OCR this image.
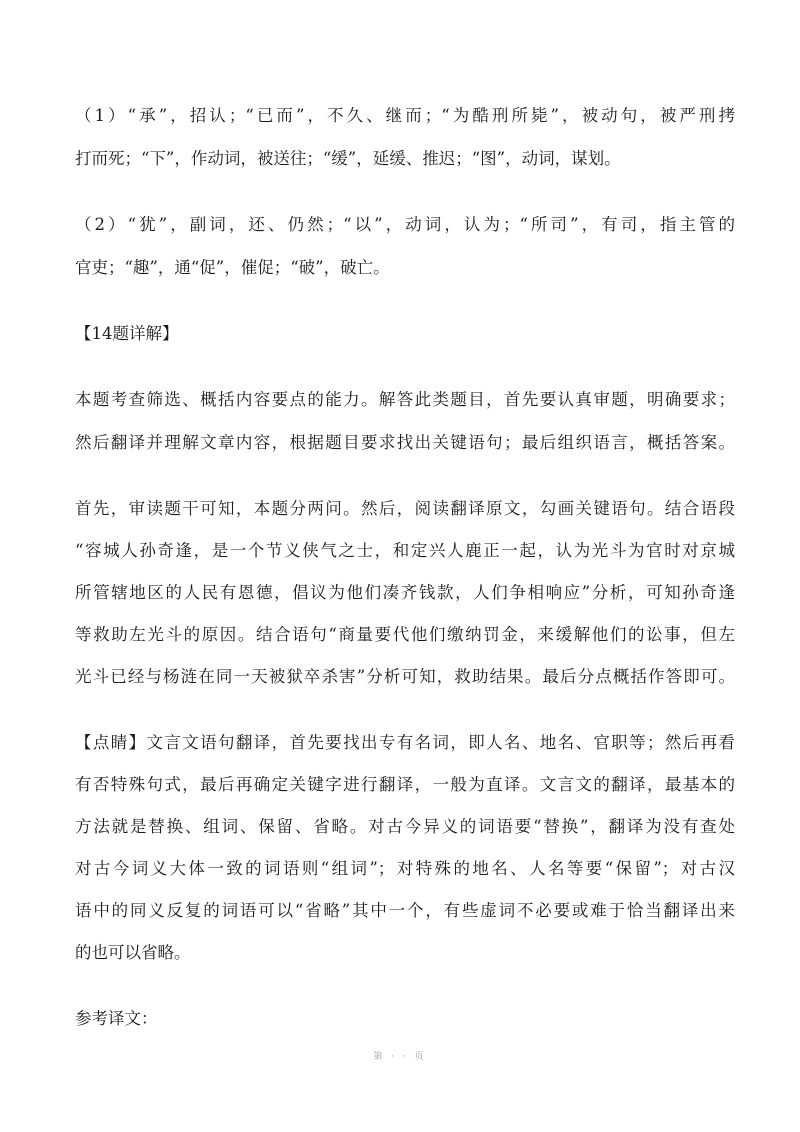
（1）“承”，招认；“已而”，不久、继而；“为酷刑所毙”，被动句，被严刑拷
打而死；“下”，作动词，被送往；“缓”，延缓、推迟；“图”，动词，谋划。
（2）“犹”，副词，还、仍然；“以”，动词，认为；“所司”，有司，指主管的
官吏；“趣”，通“促”，催促；“破”，破亡。
【14题详解】
本题考查筛选、概括内容要点的能力。解答此类题目，首先要认真审题，明确要求；
然后翻译并理解文章内容，根据题目要求找出关键语句；最后组织语言，概括答案。
首先，审读题干可知，本题分两问。然后，阅读翻译原文，勾画关键语句。结合语段
“容城人孙奇逢，是一个节义侠气之士，和定兴人鹿正一起，认为光斗为官时对京城
所管辖地区的人民有恩德，倡议为他们凑齐钱款，人们争相响应”分析，可知孙奇逢
等救助左光斗的原因。结合语句“商量要代他们缴纳罚金，来缓解他们的讼事，但左
光斗已经与杨涟在同一天被狱卒杀害”分析可知，救助结果。最后分点概括作答即可。
【点睛】文言文语句翻译，首先要找出专有名词，即人名、地名、官职等；然后再看
有否特殊句式，最后再确定关键字进行翻译，一般为直译。文言文的翻译，最基本的
方法就是替换、组词、保留、省略。对古今异义的词语要“替换”，翻译为没有查处
对古今词义大体一致的词语则“组词”；对特殊的地名、人名等要“保留”；对古汉
语中的同义反复的词语可以“省略”其中一个，有些虚词不必要或难于恰当翻译出来
的也可以省略。
参考译文：
第 · · 页
